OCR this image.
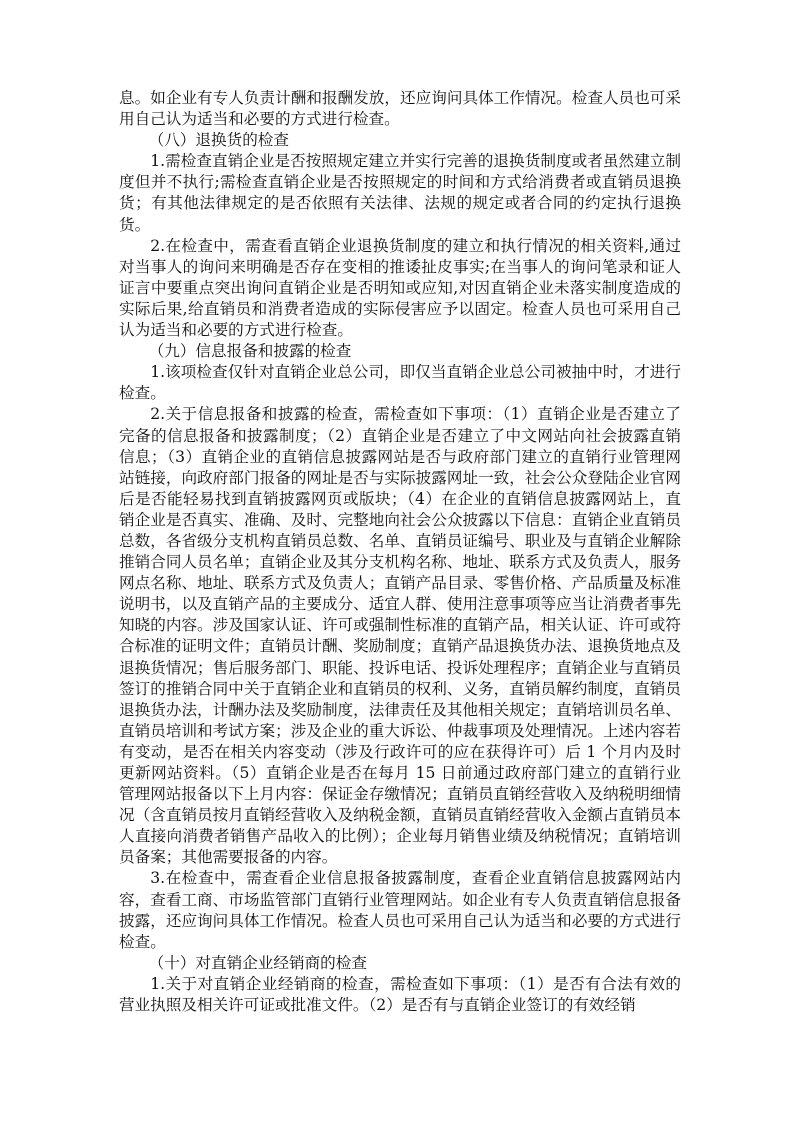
息。如企业有专人负责计酬和报酬发放，还应询问具体工作情况。检查人员也可采用自己认为适当和必要的方式进行检查。

（八）退换货的检查

1.需检查直销企业是否按照规定建立并实行完善的退换货制度或者虽然建立制度但并不执行;需检查直销企业是否按照规定的时间和方式给消费者或直销员退换货；有其他法律规定的是否依照有关法律、法规的规定或者合同的约定执行退换货。

2.在检查中，需查看直销企业退换货制度的建立和执行情况的相关资料,通过对当事人的询问来明确是否存在变相的推诿扯皮事实;在当事人的询问笔录和证人证言中要重点突出询问直销企业是否明知或应知,对因直销企业未落实制度造成的实际后果,给直销员和消费者造成的实际侵害应予以固定。检查人员也可采用自己认为适当和必要的方式进行检查。

（九）信息报备和披露的检查

1.该项检查仅针对直销企业总公司，即仅当直销企业总公司被抽中时，才进行检查。

2.关于信息报备和披露的检查，需检查如下事项：（1）直销企业是否建立了完备的信息报备和披露制度；（2）直销企业是否建立了中文网站向社会披露直销信息；（3）直销企业的直销信息披露网站是否与政府部门建立的直销行业管理网站链接，向政府部门报备的网址是否与实际披露网址一致，社会公众登陆企业官网后是否能轻易找到直销披露网页或版块；（4）在企业的直销信息披露网站上，直销企业是否真实、准确、及时、完整地向社会公众披露以下信息：直销企业直销员总数，各省级分支机构直销员总数、名单、直销员证编号、职业及与直销企业解除推销合同人员名单；直销企业及其分支机构名称、地址、联系方式及负责人，服务网点名称、地址、联系方式及负责人；直销产品目录、零售价格、产品质量及标准说明书，以及直销产品的主要成分、适宜人群、使用注意事项等应当让消费者事先知晓的内容。涉及国家认证、许可或强制性标准的直销产品，相关认证、许可或符合标准的证明文件；直销员计酬、奖励制度；直销产品退换货办法、退换货地点及退换货情况；售后服务部门、职能、投诉电话、投诉处理程序；直销企业与直销员签订的推销合同中关于直销企业和直销员的权利、义务，直销员解约制度，直销员退换货办法，计酬办法及奖励制度，法律责任及其他相关规定；直销培训员名单、直销员培训和考试方案；涉及企业的重大诉讼、仲裁事项及处理情况。上述内容若有变动，是否在相关内容变动（涉及行政许可的应在获得许可）后 1 个月内及时更新网站资料。（5）直销企业是否在每月 15 日前通过政府部门建立的直销行业管理网站报备以下上月内容：保证金存缴情况；直销员直销经营收入及纳税明细情况（含直销员按月直销经营收入及纳税金额，直销员直销经营收入金额占直销员本人直接向消费者销售产品收入的比例）；企业每月销售业绩及纳税情况；直销培训员备案；其他需要报备的内容。

3.在检查中，需查看企业信息报备披露制度，查看企业直销信息披露网站内容，查看工商、市场监管部门直销行业管理网站。如企业有专人负责直销信息报备披露，还应询问具体工作情况。检查人员也可采用自己认为适当和必要的方式进行检查。

（十）对直销企业经销商的检查

1.关于对直销企业经销商的检查，需检查如下事项：（1）是否有合法有效的营业执照及相关许可证或批准文件。（2）是否有与直销企业签订的有效经销
